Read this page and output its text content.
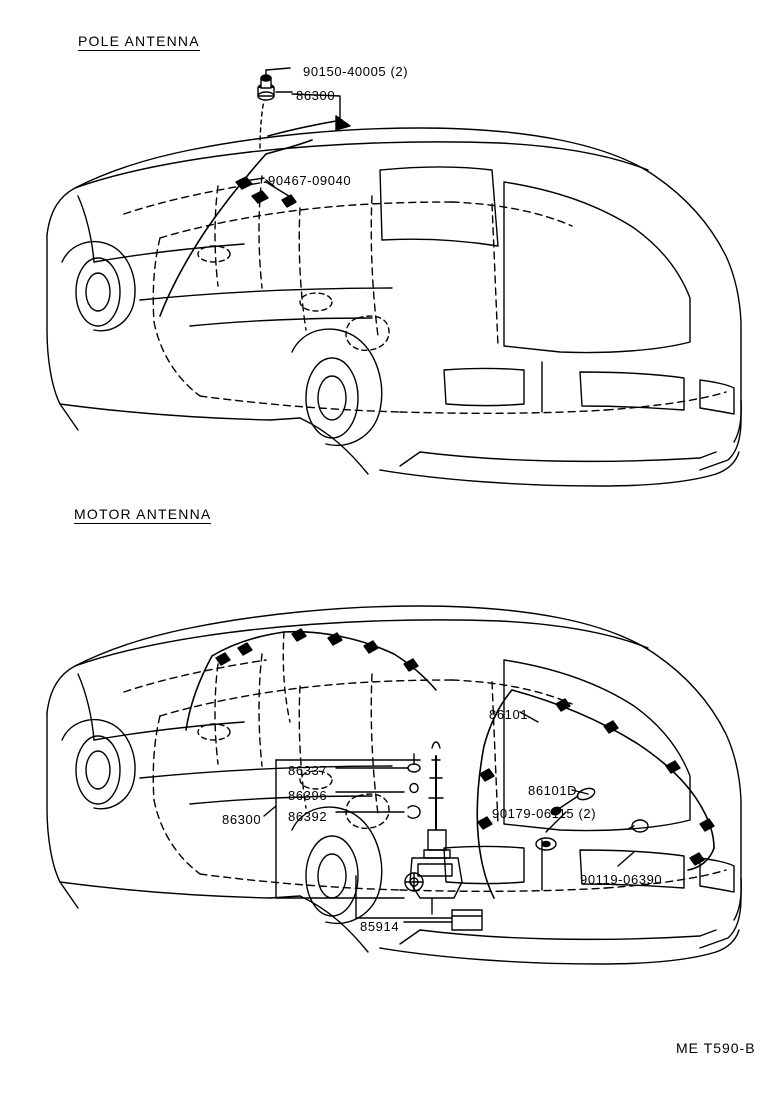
POLE ANTENNA
MOTOR ANTENNA
90150-40005 (2)
86300
90467-09040
86101
86337
86396
86392
86101D
90179-06115 (2)
86300
90119-06390
85914
ME T590-B
